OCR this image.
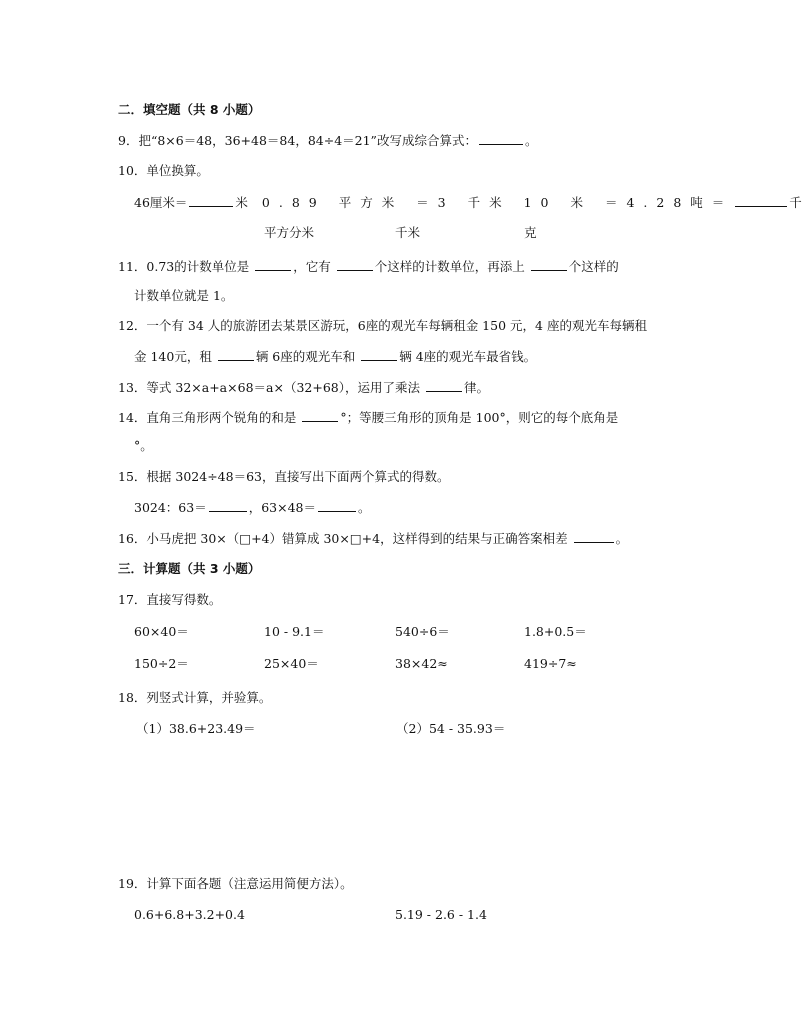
二．填空题（共 8 小题）
9．把“8×6＝48，36+48＝84，84÷4＝21”改写成综合算式：	。
10．单位换算。
46厘米＝	米 0.89 平方米 ＝3 千米 10 米 ＝4.28吨＝	千
平方分米	千米	克
11．0.73的计数单位是	，它有	个这样的计数单位，再添上	个这样的
计数单位就是 1。
12．一个有 34 人的旅游团去某景区游玩，6座的观光车每辆租金 150 元，4 座的观光车每辆租
金 140元，租	辆 6座的观光车和	辆 4座的观光车最省钱。
13．等式 32×a+a×68＝a×（32+68），运用了乘法	律。
14．直角三角形两个锐角的和是	°；等腰三角形的顶角是 100°，则它的每个底角是
°。
15．根据 3024÷48＝63，直接写出下面两个算式的得数。
3024：63＝	，63×48＝	。
16．小马虎把 30×（□+4）错算成 30×□+4，这样得到的结果与正确答案相差	。
三．计算题（共 3 小题）
17．直接写得数。
60×40＝	10 - 9.1＝	540÷6＝	1.8+0.5＝
150÷2＝	25×40＝	38×42≈	419÷7≈
18．列竖式计算，并验算。
（1）38.6+23.49＝	（2）54 - 35.93＝
19．计算下面各题（注意运用简便方法）。
0.6+6.8+3.2+0.4	5.19 - 2.6 - 1.4
